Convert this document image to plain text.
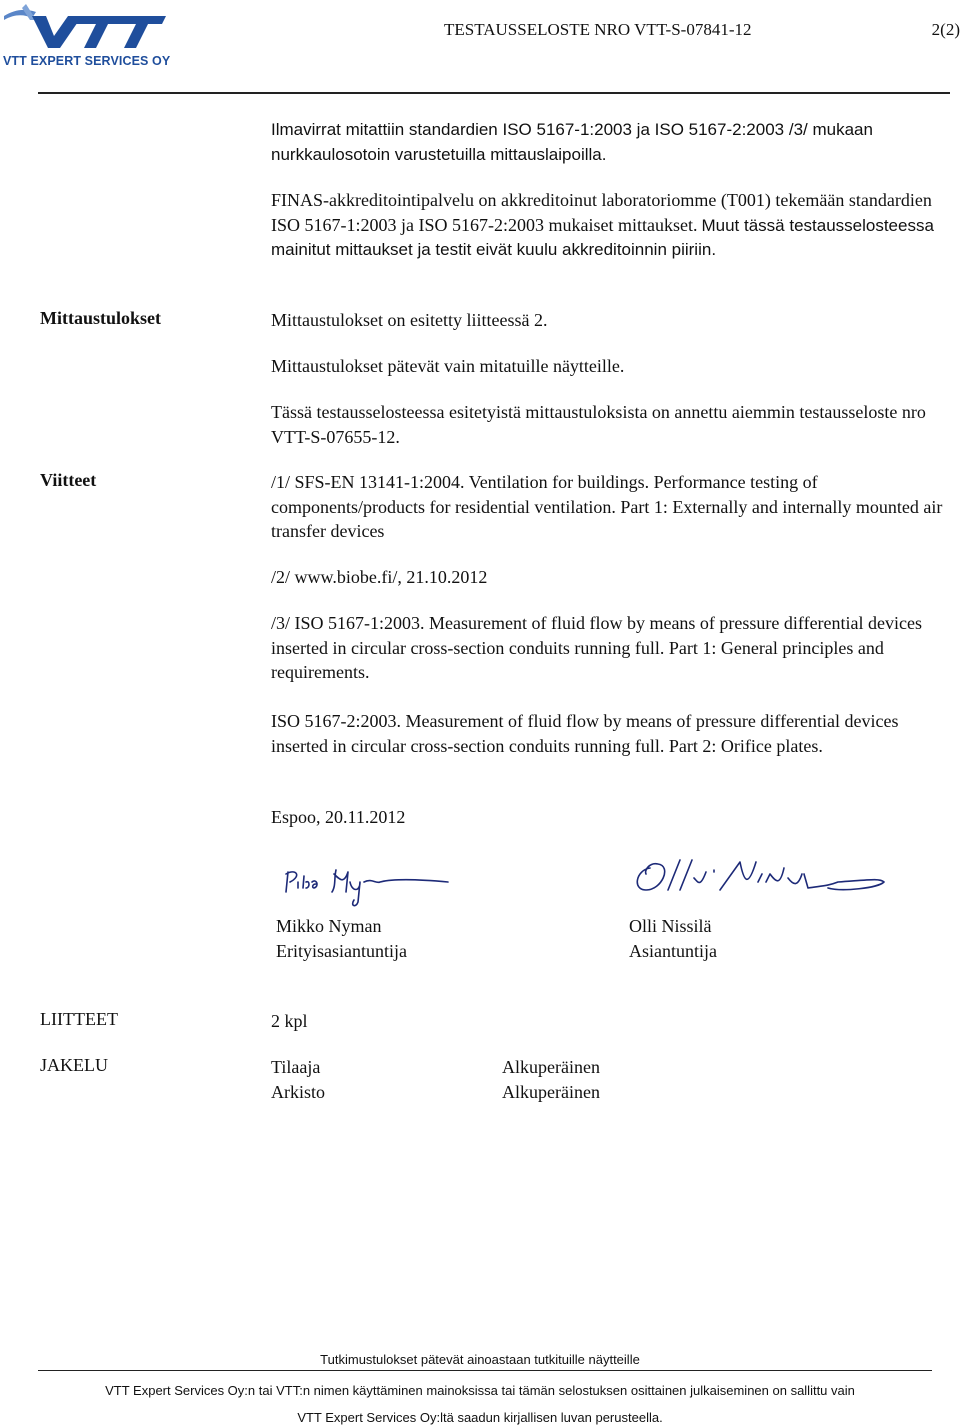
VTT EXPERT SERVICES OY
TESTAUSSELOSTE NRO VTT-S-07841-12	2(2)
Ilmavirrat mitattiin standardien ISO 5167-1:2003 ja ISO 5167-2:2003 /3/ mukaan nurkkaulosotoin varustetuilla mittauslaipoilla.
FINAS-akkreditointipalvelu on akkreditoinut laboratoriomme (T001) tekemään standardien ISO 5167-1:2003 ja ISO 5167-2:2003 mukaiset mittaukset. Muut tässä testausselosteessa mainitut mittaukset ja testit eivät kuulu akkreditoinnin piiriin.
Mittaustulokset	Mittaustulokset on esitetty liitteessä 2.
Mittaustulokset pätevät vain mitatuille näytteille.
Tässä testausselosteessa esitetyistä mittaustuloksista on annettu aiemmin testausseloste nro VTT-S-07655-12.
Viitteet	/1/ SFS-EN 13141-1:2004. Ventilation for buildings. Performance testing of components/products for residential ventilation. Part 1: Externally and internally mounted air transfer devices
/2/ www.biobe.fi/, 21.10.2012
/3/ ISO 5167-1:2003. Measurement of fluid flow by means of pressure differential devices inserted in circular cross-section conduits running full. Part 1: General principles and requirements.
ISO 5167-2:2003. Measurement of fluid flow by means of pressure differential devices inserted in circular cross-section conduits running full. Part 2: Orifice plates.
Espoo, 20.11.2012
Mikko Nyman
Erityisasiantuntija
Olli Nissilä
Asiantuntija
LIITTEET	2 kpl
JAKELU	Tilaaja	Alkuperäinen
Arkisto	Alkuperäinen
Tutkimustulokset pätevät ainoastaan tutkituille näytteille
VTT Expert Services Oy:n tai VTT:n nimen käyttäminen mainoksissa tai tämän selostuksen osittainen julkaiseminen on sallittu vain
VTT Expert Services Oy:ltä saadun kirjallisen luvan perusteella.
